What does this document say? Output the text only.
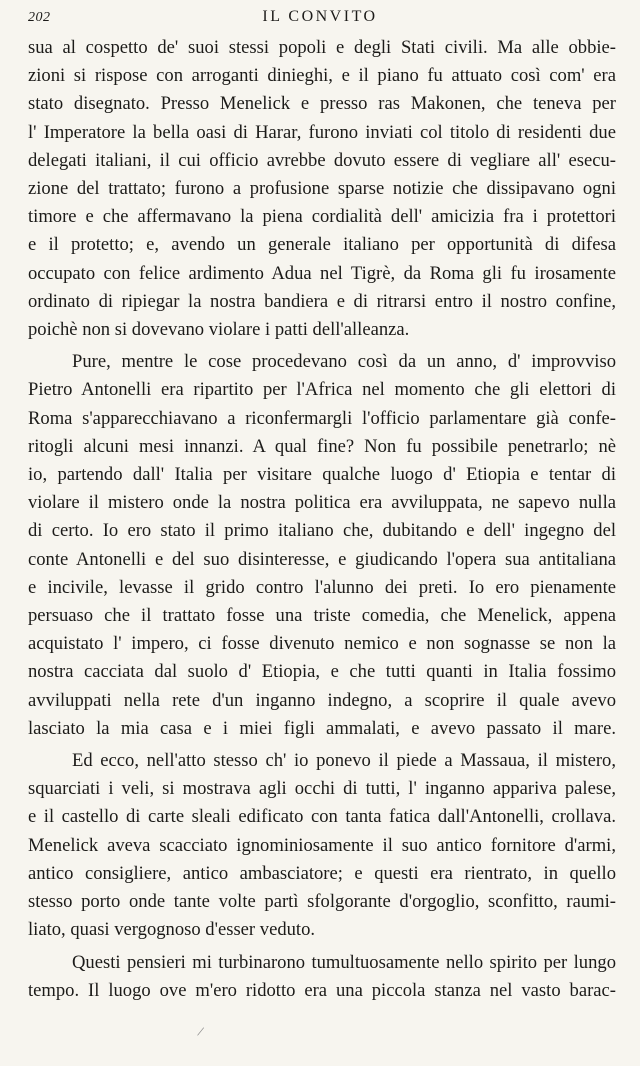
202	IL CONVITO

sua al cospetto de' suoi stessi popoli e degli Stati civili. Ma alle obbie-
zioni si rispose con arroganti dinieghi, e il piano fu attuato così com' era
stato disegnato. Presso Menelick e presso ras Makonen, che teneva per
l' Imperatore la bella oasi di Harar, furono inviati col titolo di residenti due
delegati italiani, il cui officio avrebbe dovuto essere di vegliare all' esecu-
zione del trattato; furono a profusione sparse notizie che dissipavano ogni
timore e che affermavano la piena cordialità dell' amicizia fra i protettori
e il protetto; e, avendo un generale italiano per opportunità di difesa
occupato con felice ardimento Adua nel Tigrè, da Roma gli fu irosamente
ordinato di ripiegar la nostra bandiera e di ritrarsi entro il nostro confine,
poichè non si dovevano violare i patti dell'alleanza.

Pure, mentre le cose procedevano così da un anno, d' improvviso
Pietro Antonelli era ripartito per l'Africa nel momento che gli elettori di
Roma s'apparecchiavano a riconfermargli l'officio parlamentare già confe-
ritogli alcuni mesi innanzi. A qual fine? Non fu possibile penetrarlo; nè
io, partendo dall' Italia per visitare qualche luogo d' Etiopia e tentar di
violare il mistero onde la nostra politica era avviluppata, ne sapevo nulla
di certo. Io ero stato il primo italiano che, dubitando e dell' ingegno del
conte Antonelli e del suo disinteresse, e giudicando l'opera sua antitaliana
e incivile, levasse il grido contro l'alunno dei preti. Io ero pienamente
persuaso che il trattato fosse una triste comedia, che Menelick, appena
acquistato l' impero, ci fosse divenuto nemico e non sognasse se non la
nostra cacciata dal suolo d' Etiopia, e che tutti quanti in Italia fossimo
avviluppati nella rete d'un inganno indegno, a scoprire il quale avevo
lasciato la mia casa e i miei figli ammalati, e avevo passato il mare.

Ed ecco, nell'atto stesso ch' io ponevo il piede a Massaua, il mistero,
squarciati i veli, si mostrava agli occhi di tutti, l' inganno appariva palese,
e il castello di carte sleali edificato con tanta fatica dall'Antonelli, crollava.
Menelick aveva scacciato ignominiosamente il suo antico fornitore d'armi,
antico consigliere, antico ambasciatore; e questi era rientrato, in quello
stesso porto onde tante volte partì sfolgorante d'orgoglio, sconfitto, raumi-
liato, quasi vergognoso d'esser veduto.

Questi pensieri mi turbinarono tumultuosamente nello spirito per lungo
tempo. Il luogo ove m'ero ridotto era una piccola stanza nel vasto barac-

/
